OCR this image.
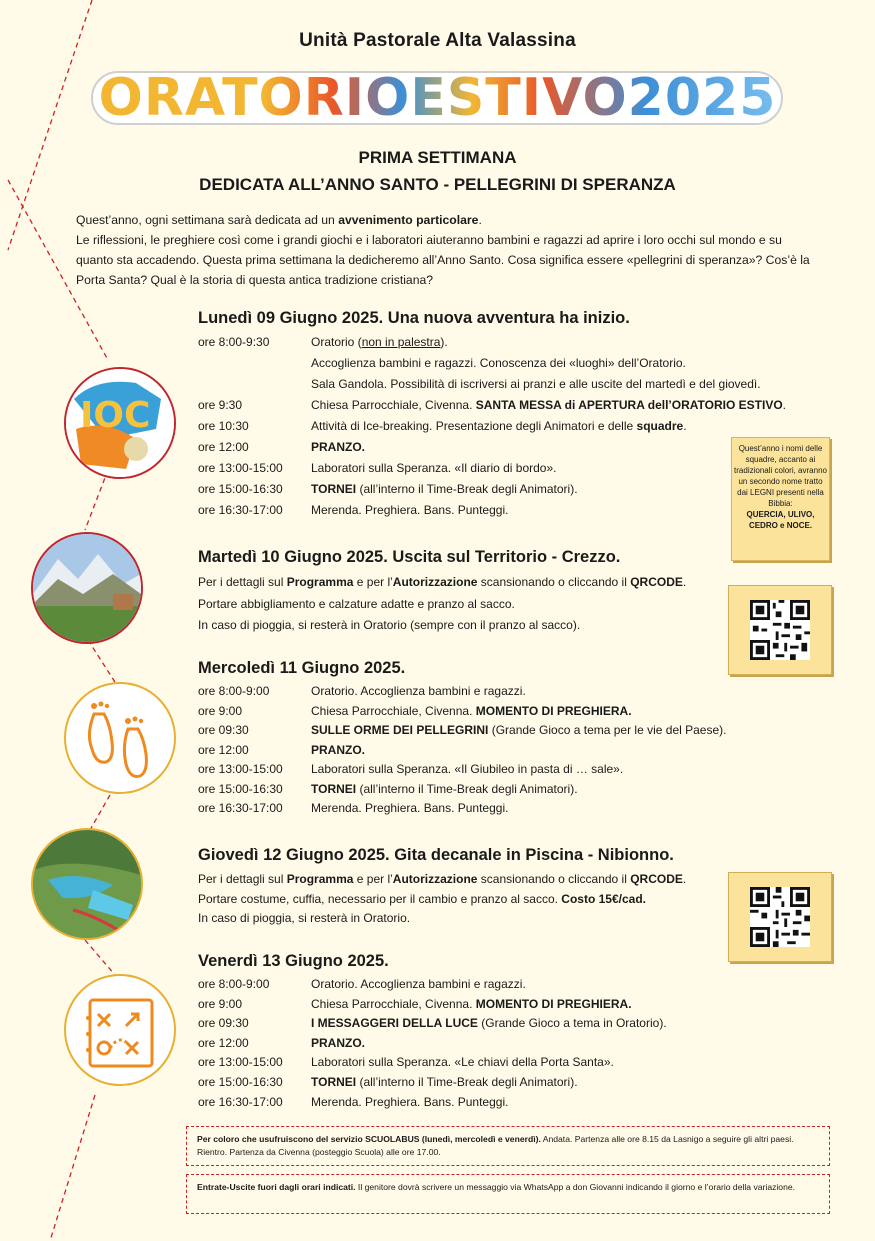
Unità Pastorale Alta Valassina
ORATORIOESTIVO2025
PRIMA SETTIMANA
DEDICATA ALL’ANNO SANTO - PELLEGRINI DI SPERANZA
Quest’anno, ogni settimana sarà dedicata ad un avvenimento particolare.
Le riflessioni, le preghiere così come i grandi giochi e i laboratori aiuteranno bambini e ragazzi ad aprire i loro occhi sul mondo e su quanto sta accadendo. Questa prima settimana la dedicheremo all’Anno Santo. Cosa significa essere «pellegrini di speranza»? Cos’è la Porta Santa? Qual è la storia di questa antica tradizione cristiana?
Lunedì 09 Giugno 2025. Una nuova avventura ha inizio.
ore 8:00-9:30	Oratorio (non in palestra).
Accoglienza bambini e ragazzi. Conoscenza dei «luoghi» dell’Oratorio.
Sala Gandola. Possibilità di iscriversi ai pranzi e alle uscite del martedì e del giovedì.
ore 9:30	Chiesa Parrocchiale, Civenna. SANTA MESSA di APERTURA dell’ORATORIO ESTIVO.
ore 10:30	Attività di Ice-breaking. Presentazione degli Animatori e delle squadre.
ore 12:00	PRANZO.
ore 13:00-15:00 Laboratori sulla Speranza. «Il diario di bordo».
ore 15:00-16:30 TORNEI (all’interno il Time-Break degli Animatori).
ore 16:30-17:00 Merenda. Preghiera. Bans. Punteggi.
Quest’anno i nomi delle squadre, accanto ai tradizionali colori, avranno un secondo nome tratto dai LEGNI presenti nella Bibbia:
QUERCIA, ULIVO, CEDRO e NOCE.
IOC
Martedì 10 Giugno 2025. Uscita sul Territorio - Crezzo.
Per i dettagli sul Programma e per l’Autorizzazione scansionando o cliccando il QRCODE.
Portare abbigliamento e calzature adatte e pranzo al sacco.
In caso di pioggia, si resterà in Oratorio (sempre con il pranzo al sacco).
Mercoledì 11 Giugno 2025.
ore 8:00-9:00	Oratorio. Accoglienza bambini e ragazzi.
ore 9:00	Chiesa Parrocchiale, Civenna. MOMENTO DI PREGHIERA.
ore 09:30	SULLE ORME DEI PELLEGRINI (Grande Gioco a tema per le vie del Paese).
ore 12:00	PRANZO.
ore 13:00-15:00 Laboratori sulla Speranza. «Il Giubileo in pasta di … sale».
ore 15:00-16:30 TORNEI (all’interno il Time-Break degli Animatori).
ore 16:30-17:00 Merenda. Preghiera. Bans. Punteggi.
Giovedì 12 Giugno 2025. Gita decanale in Piscina - Nibionno.
Per i dettagli sul Programma e per l’Autorizzazione scansionando o cliccando il QRCODE.
Portare costume, cuffia, necessario per il cambio e pranzo al sacco. Costo 15€/cad.
In caso di pioggia, si resterà in Oratorio.
Venerdì 13 Giugno 2025.
ore 8:00-9:00	Oratorio. Accoglienza bambini e ragazzi.
ore 9:00	Chiesa Parrocchiale, Civenna. MOMENTO DI PREGHIERA.
ore 09:30	I MESSAGGERI DELLA LUCE (Grande Gioco a tema in Oratorio).
ore 12:00	PRANZO.
ore 13:00-15:00 Laboratori sulla Speranza. «Le chiavi della Porta Santa».
ore 15:00-16:30 TORNEI (all’interno il Time-Break degli Animatori).
ore 16:30-17:00 Merenda. Preghiera. Bans. Punteggi.
Per coloro che usufruiscono del servizio SCUOLABUS (lunedì, mercoledì e venerdì). Andata. Partenza alle ore 8.15 da Lasnigo a seguire gli altri paesi. Rientro. Partenza da Civenna (posteggio Scuola) alle ore 17.00.
Entrate-Uscite fuori dagli orari indicati. Il genitore dovrà scrivere un messaggio via WhatsApp a don Giovanni indicando il giorno e l’orario della variazione.
